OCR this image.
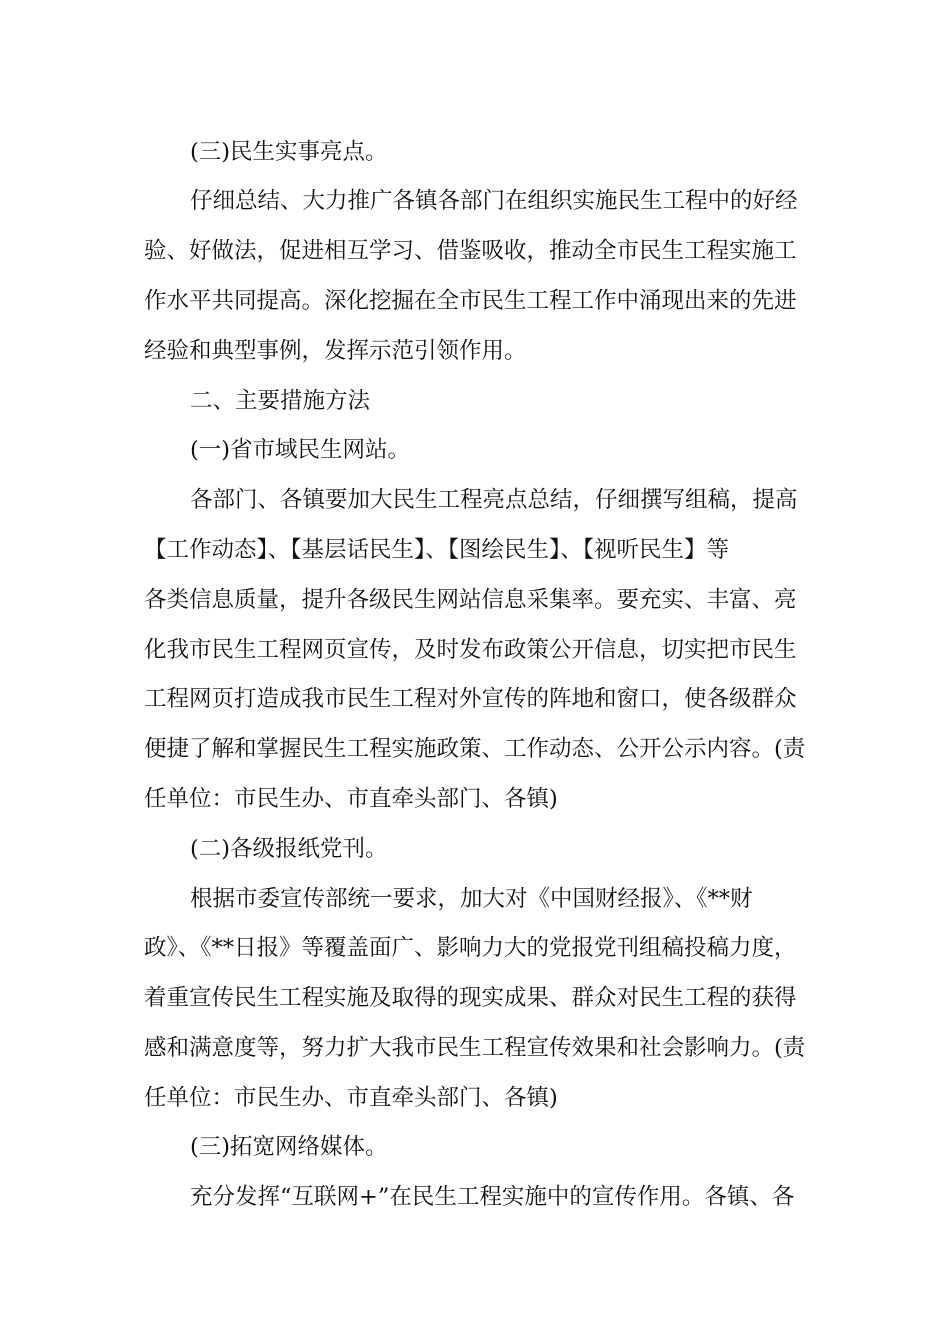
(三)民生实事亮点。
仔细总结、大力推广各镇各部门在组织实施民生工程中的好经
验、好做法，促进相互学习、借鉴吸收，推动全市民生工程实施工
作水平共同提高。深化挖掘在全市民生工程工作中涌现出来的先进
经验和典型事例，发挥示范引领作用。
二、主要措施方法
(一)省市域民生网站。
各部门、各镇要加大民生工程亮点总结，仔细撰写组稿，提高
【工作动态】、【基层话民生】、【图绘民生】、【视听民生】等
各类信息质量，提升各级民生网站信息采集率。要充实、丰富、亮
化我市民生工程网页宣传，及时发布政策公开信息，切实把市民生
工程网页打造成我市民生工程对外宣传的阵地和窗口，使各级群众
便捷了解和掌握民生工程实施政策、工作动态、公开公示内容。(责
任单位：市民生办、市直牵头部门、各镇)
(二)各级报纸党刊。
根据市委宣传部统一要求，加大对《中国财经报》、《**财
政》、《**日报》等覆盖面广、影响力大的党报党刊组稿投稿力度，
着重宣传民生工程实施及取得的现实成果、群众对民生工程的获得
感和满意度等，努力扩大我市民生工程宣传效果和社会影响力。(责
任单位：市民生办、市直牵头部门、各镇)
(三)拓宽网络媒体。
充分发挥“互联网+”在民生工程实施中的宣传作用。各镇、各
